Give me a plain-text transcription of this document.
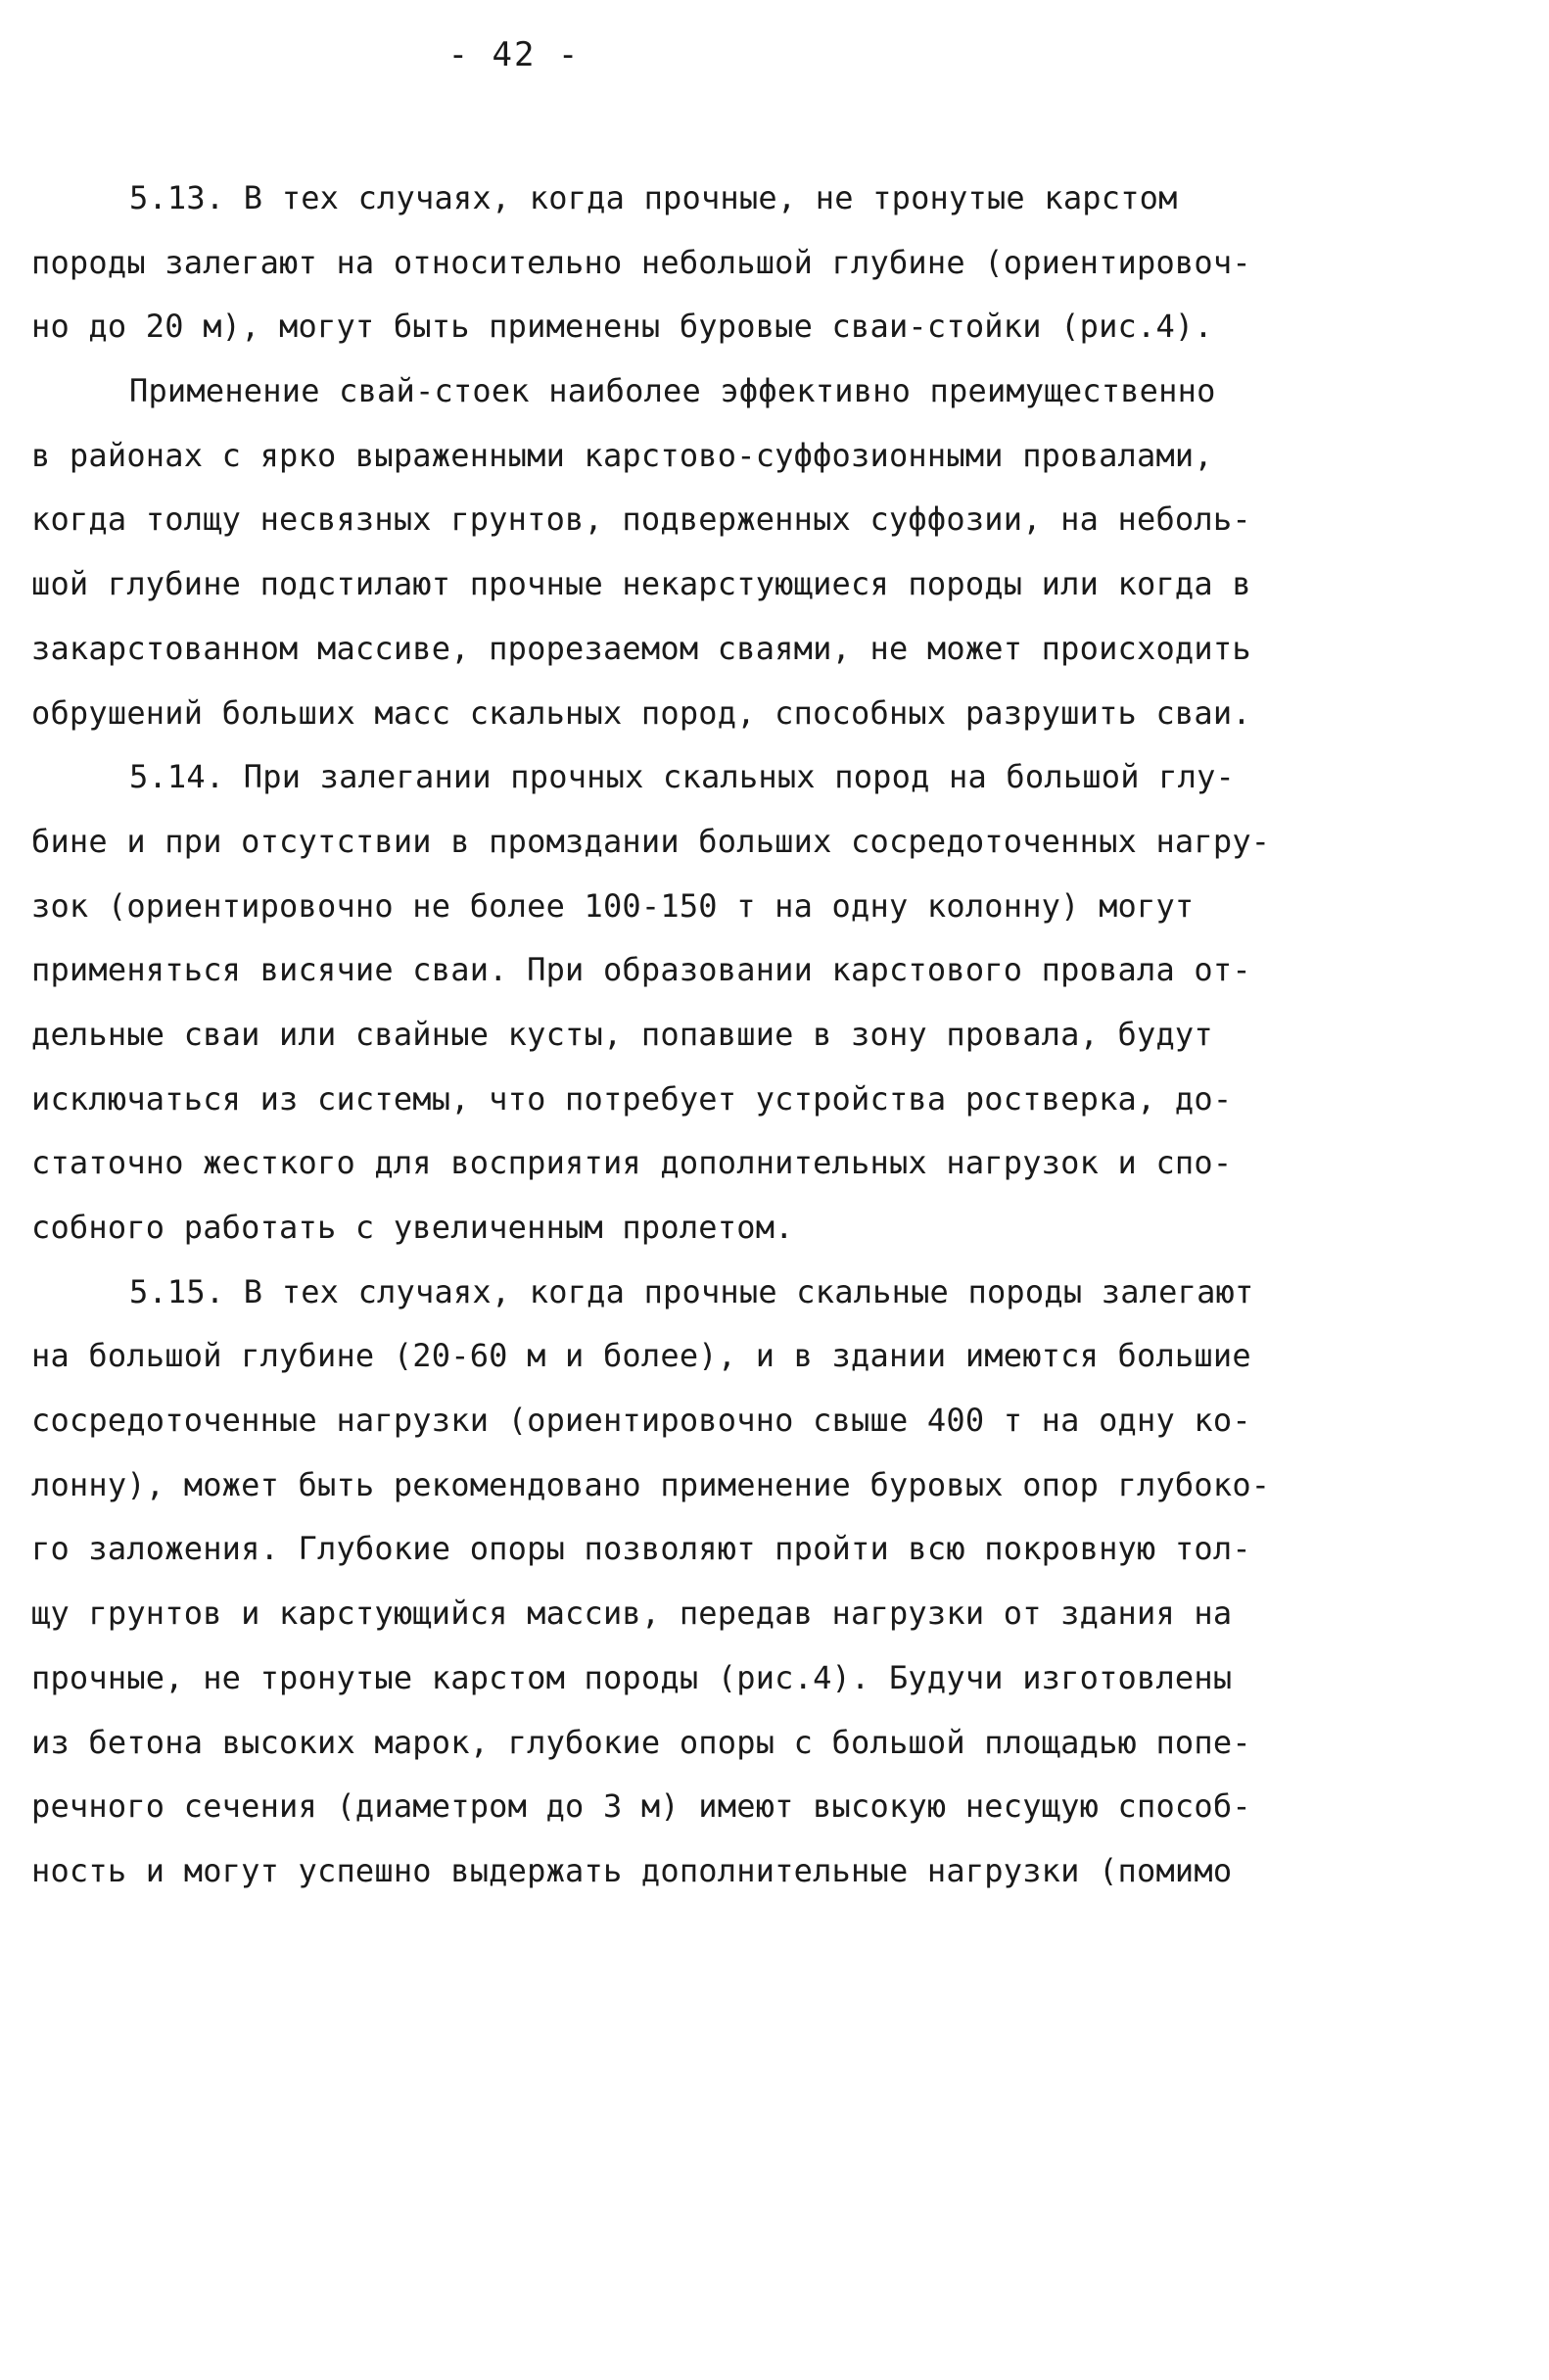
- 42 -
5.13. В тех случаях, когда прочные, не тронутые карстом
породы залегают на относительно небольшой глубине (ориентировоч-
но до 20 м), могут быть применены буровые сваи-стойки (рис.4).
Применение свай-стоек наиболее эффективно преимущественно
в районах с ярко выраженными карстово-суффозионными провалами,
когда толщу несвязных грунтов, подверженных суффозии, на неболь-
шой глубине подстилают прочные некарстующиеся породы или когда в
закарстованном массиве, прорезаемом сваями, не может происходить
обрушений больших масс скальных пород, способных разрушить сваи.
5.14. При залегании прочных скальных пород на большой глу-
бине и при отсутствии в промздании больших сосредоточенных нагру-
зок (ориентировочно не более 100-150 т на одну колонну) могут
применяться висячие сваи. При образовании карстового провала от-
дельные сваи или свайные кусты, попавшие в зону провала, будут
исключаться из системы, что потребует устройства ростверка, до-
статочно жесткого для восприятия дополнительных нагрузок и спо-
собного работать с увеличенным пролетом.
5.15. В тех случаях, когда прочные скальные породы залегают
на большой глубине (20-60 м и более), и в здании имеются большие
сосредоточенные нагрузки (ориентировочно свыше 400 т на одну ко-
лонну), может быть рекомендовано применение буровых опор глубоко-
го заложения. Глубокие опоры позволяют пройти всю покровную тол-
щу грунтов и карстующийся массив, передав нагрузки от здания на
прочные, не тронутые карстом породы (рис.4). Будучи изготовлены
из бетона высоких марок, глубокие опоры с большой площадью попе-
речного сечения (диаметром до 3 м) имеют высокую несущую способ-
ность и могут успешно выдержать дополнительные нагрузки (помимо
